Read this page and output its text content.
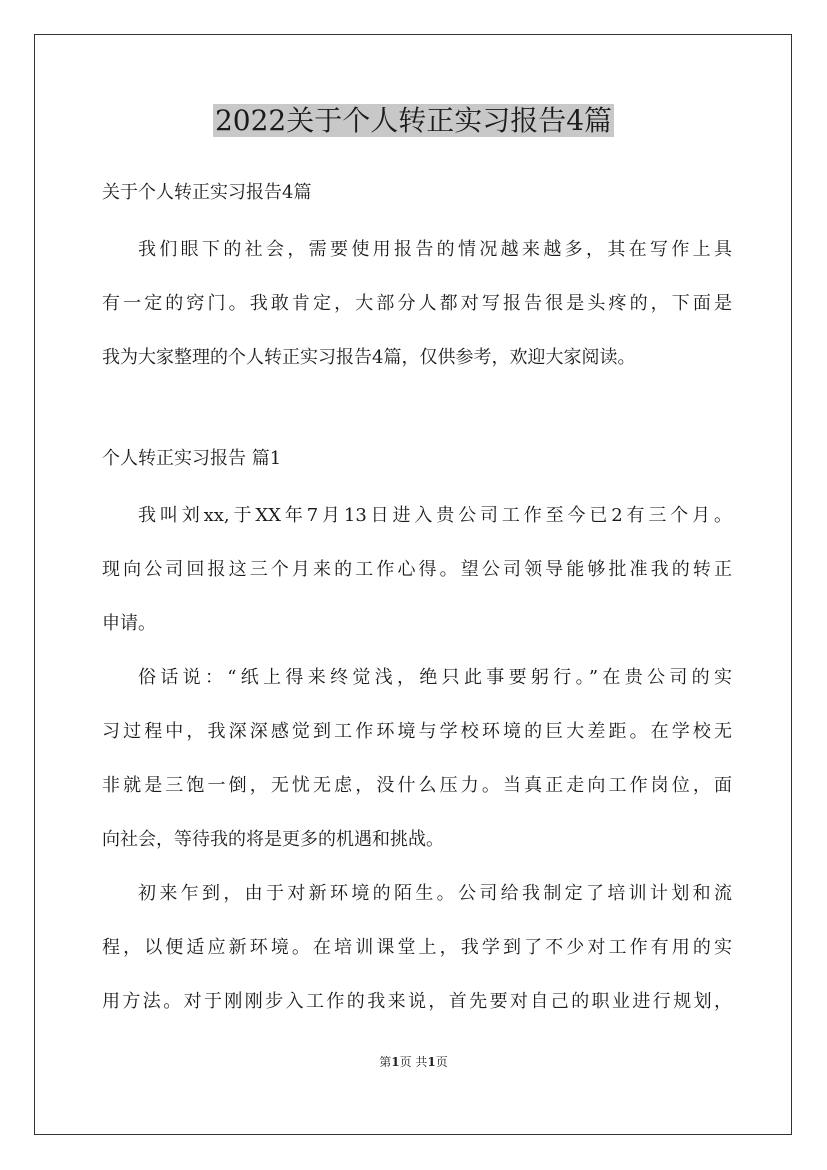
2022关于个人转正实习报告4篇
关于个人转正实习报告4篇
我们眼下的社会，需要使用报告的情况越来越多，其在写作上具
有一定的窍门。我敢肯定，大部分人都对写报告很是头疼的，下面是
我为大家整理的个人转正实习报告4篇，仅供参考，欢迎大家阅读。
个人转正实习报告 篇1
我叫刘xx,于XX年7月13日进入贵公司工作至今已2有三个月。
现向公司回报这三个月来的工作心得。望公司领导能够批准我的转正
申请。
俗话说：“纸上得来终觉浅，绝只此事要躬行。”在贵公司的实
习过程中，我深深感觉到工作环境与学校环境的巨大差距。在学校无
非就是三饱一倒，无忧无虑，没什么压力。当真正走向工作岗位，面
向社会，等待我的将是更多的机遇和挑战。
初来乍到，由于对新环境的陌生。公司给我制定了培训计划和流
程，以便适应新环境。在培训课堂上，我学到了不少对工作有用的实
用方法。对于刚刚步入工作的我来说，首先要对自己的职业进行规划，
第1页 共1页
